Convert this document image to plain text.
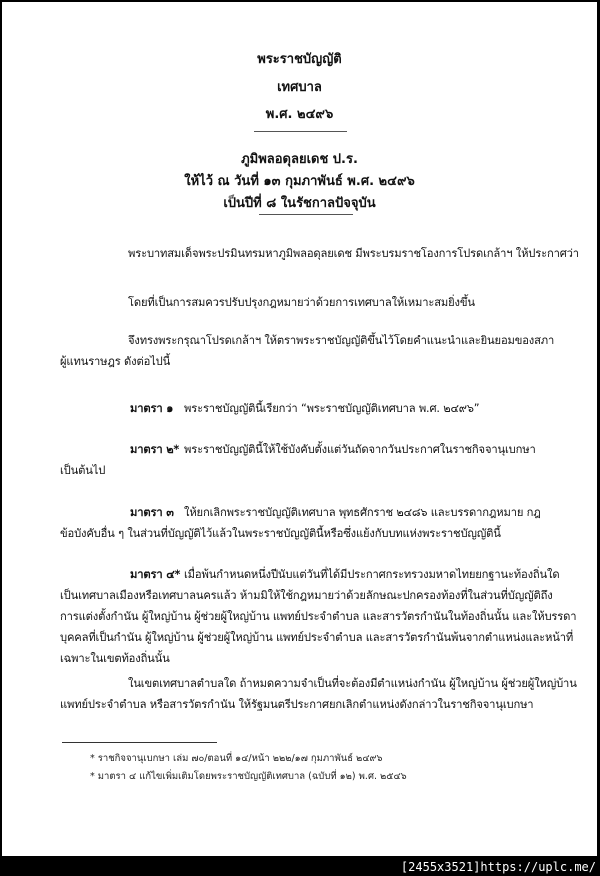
พระราชบัญญัติ
เทศบาล
พ.ศ. ๒๔๙๖
ภูมิพลอดุลยเดช ป.ร.
ให้ไว้ ณ วันที่ ๑๓ กุมภาพันธ์ พ.ศ. ๒๔๙๖
เป็นปีที่ ๘ ในรัชกาลปัจจุบัน
พระบาทสมเด็จพระปรมินทรมหาภูมิพลอดุลยเดช มีพระบรมราชโองการโปรดเกล้าฯ ให้ประกาศว่า
โดยที่เป็นการสมควรปรับปรุงกฎหมายว่าด้วยการเทศบาลให้เหมาะสมยิ่งขึ้น
จึงทรงพระกรุณาโปรดเกล้าฯ ให้ตราพระราชบัญญัติขึ้นไว้โดยคำแนะนำและยินยอมของสภา
ผู้แทนราษฎร ดังต่อไปนี้
มาตรา ๑ พระราชบัญญัตินี้เรียกว่า “พระราชบัญญัติเทศบาล พ.ศ. ๒๔๙๖”
มาตรา ๒* พระราชบัญญัตินี้ให้ใช้บังคับตั้งแต่วันถัดจากวันประกาศในราชกิจจานุเบกษา
เป็นต้นไป
มาตรา ๓ ให้ยกเลิกพระราชบัญญัติเทศบาล พุทธศักราช ๒๔๘๖ และบรรดากฎหมาย กฎ
ข้อบังคับอื่น ๆ ในส่วนที่บัญญัติไว้แล้วในพระราชบัญญัตินี้หรือซึ่งแย้งกับบทแห่งพระราชบัญญัตินี้
มาตรา ๔* เมื่อพ้นกำหนดหนึ่งปีนับแต่วันที่ได้มีประกาศกระทรวงมหาดไทยยกฐานะท้องถิ่นใด
เป็นเทศบาลเมืองหรือเทศบาลนครแล้ว ห้ามมิให้ใช้กฎหมายว่าด้วยลักษณะปกครองท้องที่ในส่วนที่บัญญัติถึง
การแต่งตั้งกำนัน ผู้ใหญ่บ้าน ผู้ช่วยผู้ใหญ่บ้าน แพทย์ประจำตำบล และสารวัตรกำนันในท้องถิ่นนั้น และให้บรรดา
บุคคลที่เป็นกำนัน ผู้ใหญ่บ้าน ผู้ช่วยผู้ใหญ่บ้าน แพทย์ประจำตำบล และสารวัตรกำนันพ้นจากตำแหน่งและหน้าที่
เฉพาะในเขตท้องถิ่นนั้น
ในเขตเทศบาลตำบลใด ถ้าหมดความจำเป็นที่จะต้องมีตำแหน่งกำนัน ผู้ใหญ่บ้าน ผู้ช่วยผู้ใหญ่บ้าน
แพทย์ประจำตำบล หรือสารวัตรกำนัน ให้รัฐมนตรีประกาศยกเลิกตำแหน่งดังกล่าวในราชกิจจานุเบกษา
* ราชกิจจานุเบกษา เล่ม ๗๐/ตอนที่ ๑๔/หน้า ๒๒๒/๑๗ กุมภาพันธ์ ๒๔๙๖
* มาตรา ๔ แก้ไขเพิ่มเติมโดยพระราชบัญญัติเทศบาล (ฉบับที่ ๑๒) พ.ศ. ๒๕๔๖
[2455x3521]https://uplc.me/
